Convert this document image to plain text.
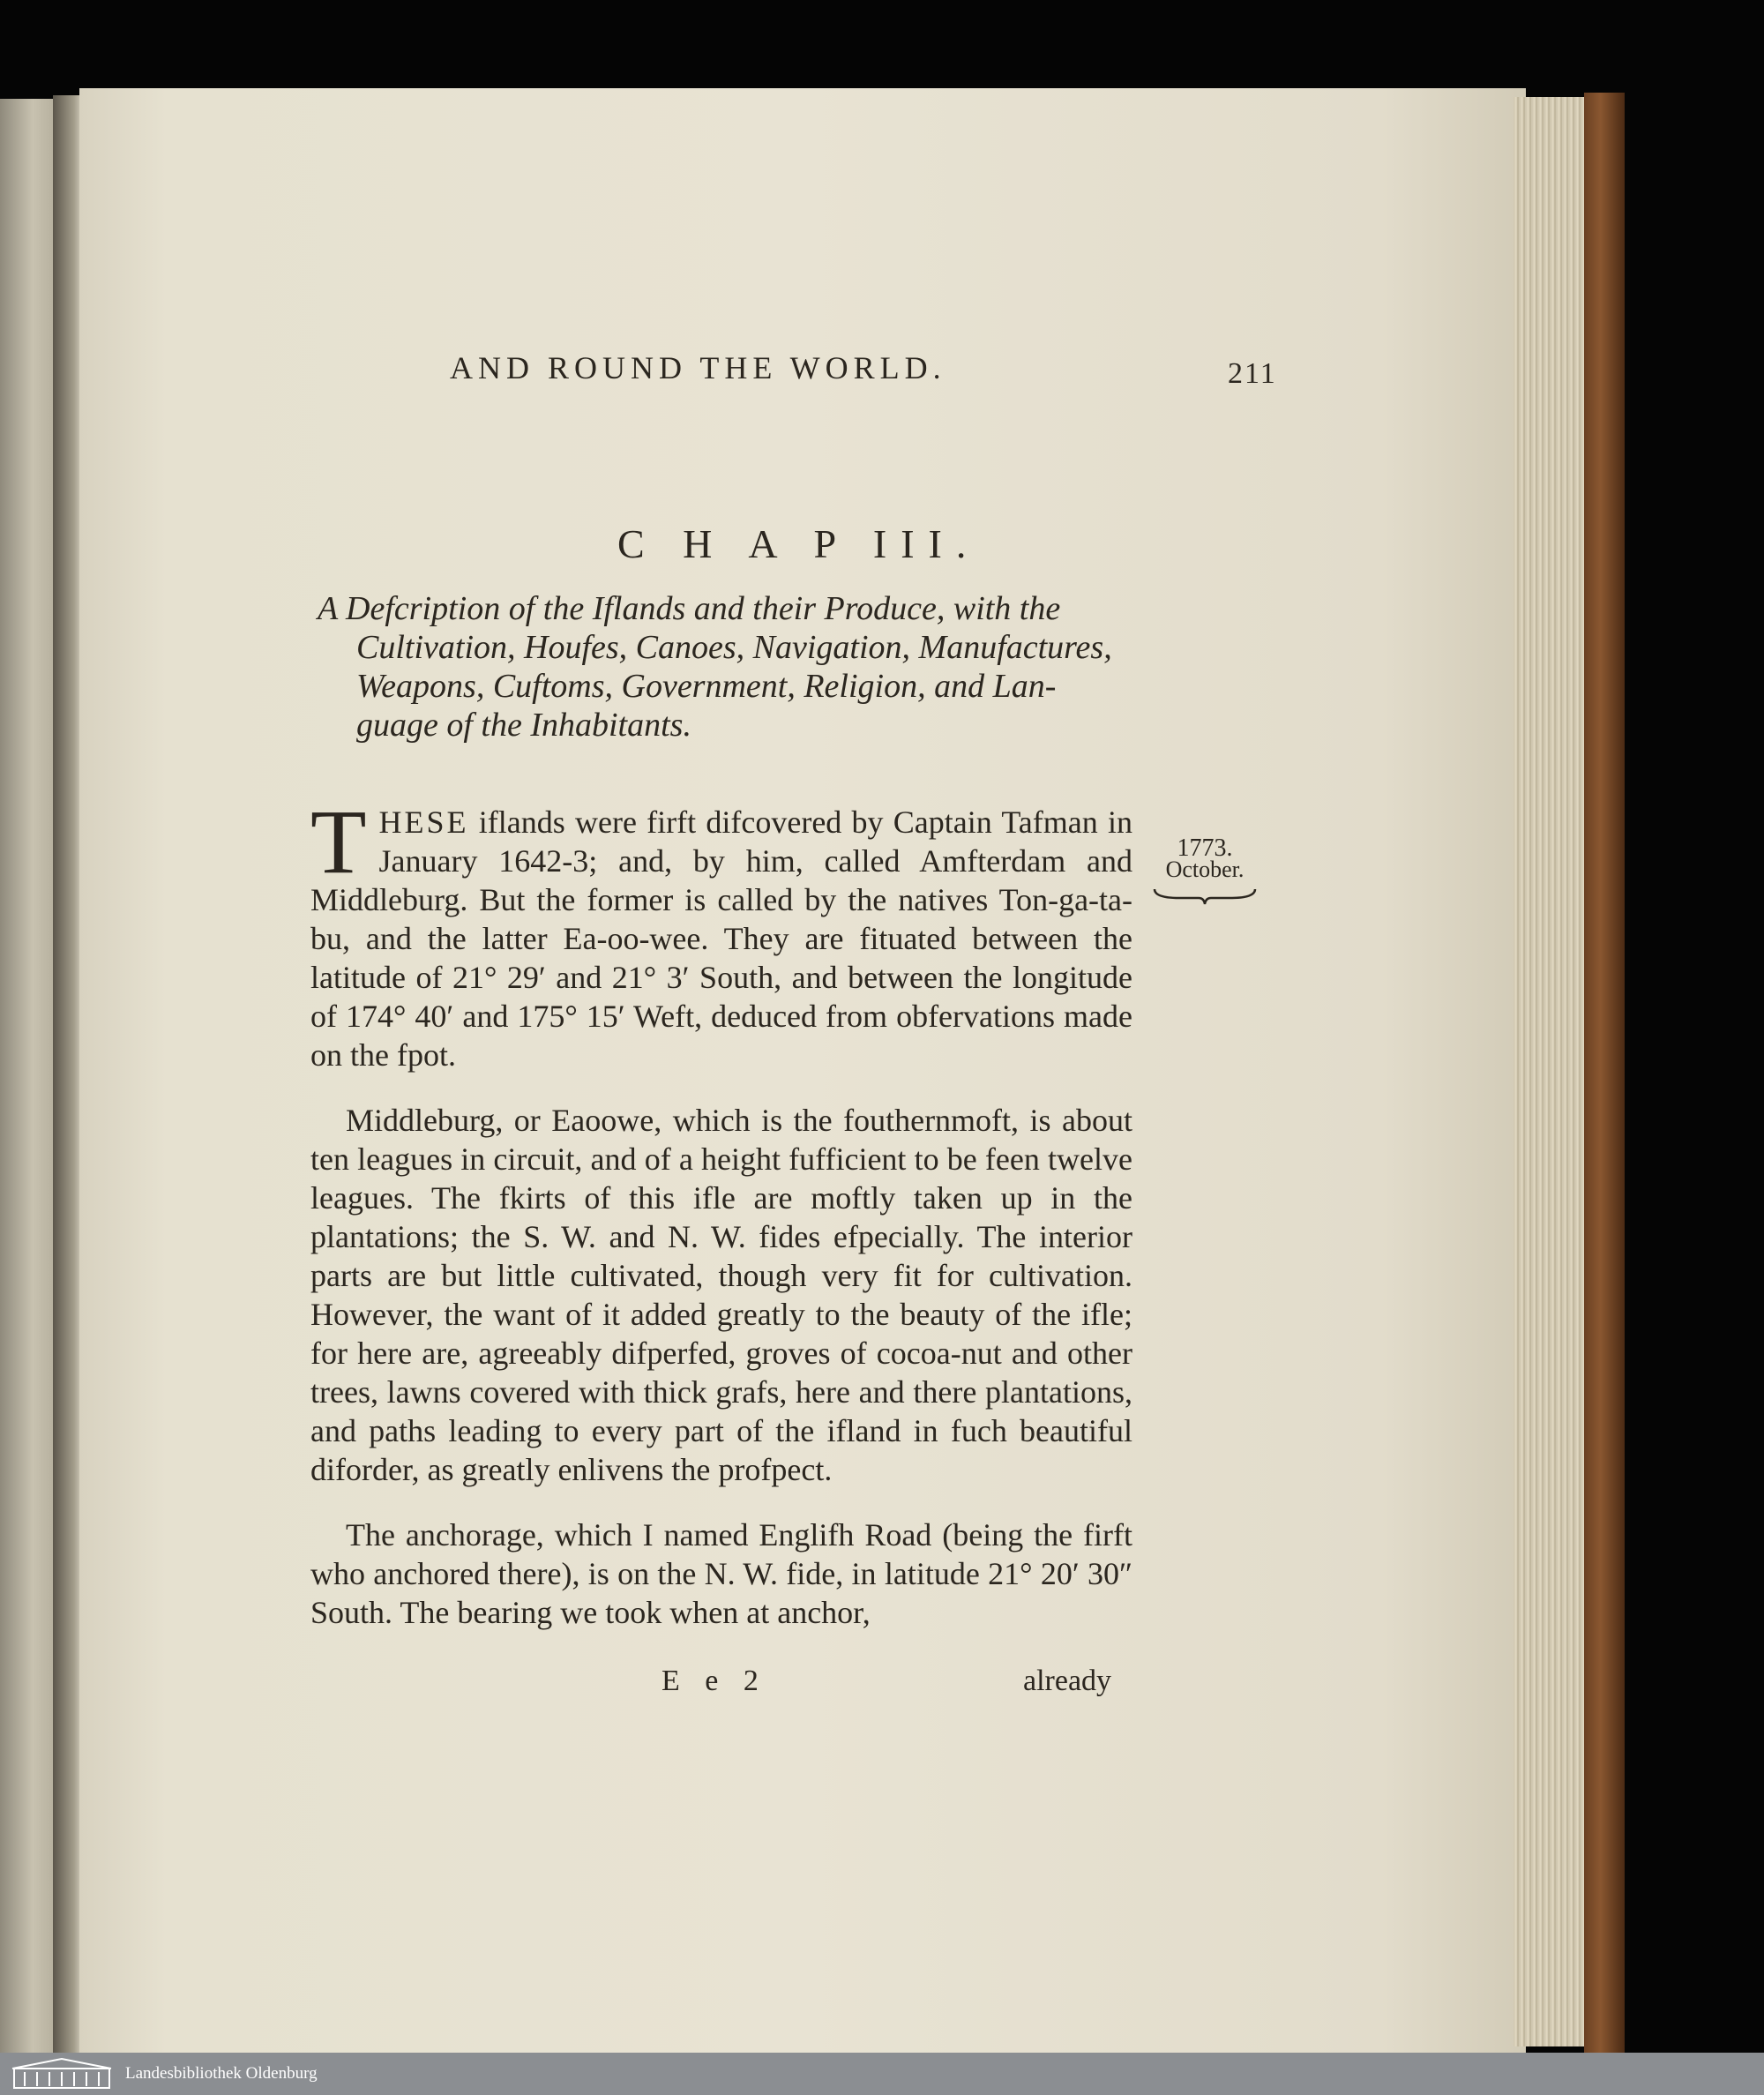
AND ROUND THE WORLD.	211
C H A P III.
A Defcription of the Iflands and their Produce, with the
Cultivation, Houfes, Canoes, Navigation, Manufactures,
Weapons, Cuftoms, Government, Religion, and Lan-
guage of the Inhabitants.
1773.
October.

THESE iflands were firft difcovered by Captain Tafman in January 1642-3; and, by him, called Amfterdam and Middleburg. But the former is called by the natives Ton-ga-ta-bu, and the latter Ea-oo-wee. They are fituated between the latitude of 21° 29′ and 21° 3′ South, and between the longitude of 174° 40′ and 175° 15′ Weft, deduced from obfervations made on the fpot.

Middleburg, or Eaoowe, which is the fouthernmoft, is about ten leagues in circuit, and of a height fufficient to be feen twelve leagues. The fkirts of this ifle are moftly taken up in the plantations; the S. W. and N. W. fides efpecially. The interior parts are but little cultivated, though very fit for cultivation. However, the want of it added greatly to the beauty of the ifle; for here are, agreeably difperfed, groves of cocoa-nut and other trees, lawns covered with thick grafs, here and there plantations, and paths leading to every part of the ifland in fuch beautiful diforder, as greatly enlivens the profpect.

The anchorage, which I named Englifh Road (being the firft who anchored there), is on the N. W. fide, in latitude 21° 20′ 30″ South. The bearing we took when at anchor,

E e 2	already
Landesbibliothek Oldenburg
